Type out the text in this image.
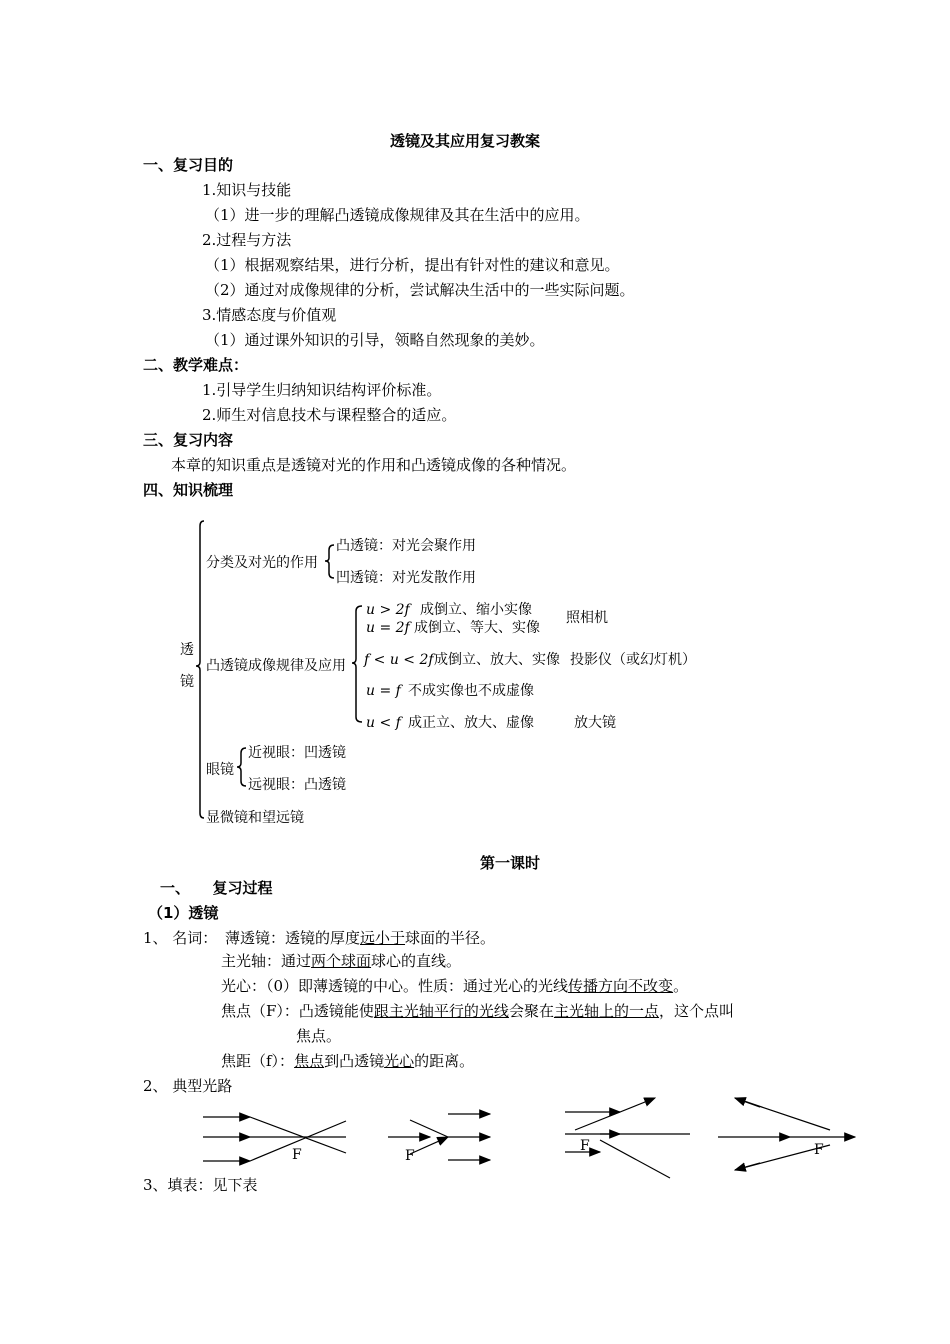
透镜及其应用复习教案
一、复习目的
1.知识与技能
（1）进一步的理解凸透镜成像规律及其在生活中的应用。
2.过程与方法
（1）根据观察结果，进行分析，提出有针对性的建议和意见。
（2）通过对成像规律的分析，尝试解决生活中的一些实际问题。
3.情感态度与价值观
（1）通过课外知识的引导，领略自然现象的美妙。
二、教学难点：
1.引导学生归纳知识结构评价标准。
2.师生对信息技术与课程整合的适应。
三、复习内容
本章的知识重点是透镜对光的作用和凸透镜成像的各种情况。
四、知识梳理
透
镜
分类及对光的作用
凸透镜：对光会聚作用
凹透镜：对光发散作用
凸透镜成像规律及应用
u > 2f 成倒立、缩小实像
u = 2f 成倒立、等大、实像
照相机
f < u < 2f 成倒立、放大、实像 投影仪（或幻灯机）
u = f 不成实像也不成虚像
u < f 成正立、放大、虚像	放大镜
眼镜
近视眼：凹透镜
远视眼：凸透镜
显微镜和望远镜
第一课时
一、　　复习过程
（1）透镜
1、 名词： 薄透镜：透镜的厚度远小于球面的半径。
主光轴：通过两个球面球心的直线。
光心：（0）即薄透镜的中心。性质：通过光心的光线传播方向不改变。
焦点（F）：凸透镜能使跟主光轴平行的光线会聚在主光轴上的一点，这个点叫
焦点。
焦距（f）：焦点到凸透镜光心的距离。
2、 典型光路
F	F
F	F
3、填表：见下表
